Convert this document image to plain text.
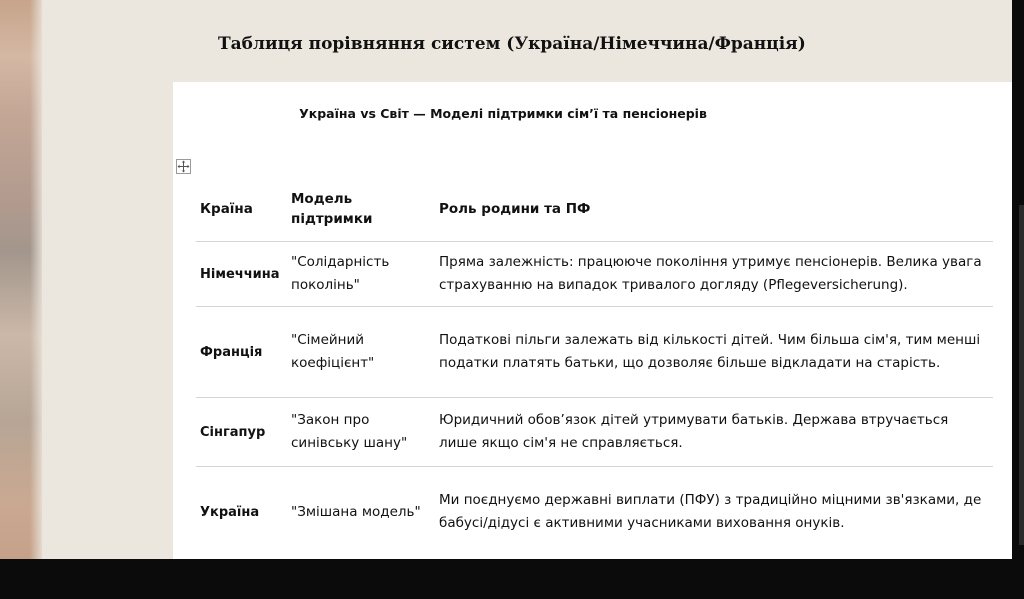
Таблиця порівняння систем (Україна/Німеччина/Франція)
Україна vs Світ — Моделі підтримки сім’ї та пенсіонерів
Країна	Модель підтримки	Роль родини та ПФ
Німеччина	"Солідарність поколінь"	Пряма залежність: працююче покоління утримує пенсіонерів. Велика увага страхуванню на випадок тривалого догляду (Pflegeversicherung).
Франція	"Сімейний коефіцієнт"	Податкові пільги залежать від кількості дітей. Чим більша сім'я, тим менші податки платять батьки, що дозволяє більше відкладати на старість.
Сінгапур	"Закон про синівську шану"	Юридичний обов’язок дітей утримувати батьків. Держава втручається лише якщо сім'я не справляється.
Україна	"Змішана модель"	Ми поєднуємо державні виплати (ПФУ) з традиційно міцними зв'язками, де бабусі/дідусі є активними учасниками виховання онуків.
